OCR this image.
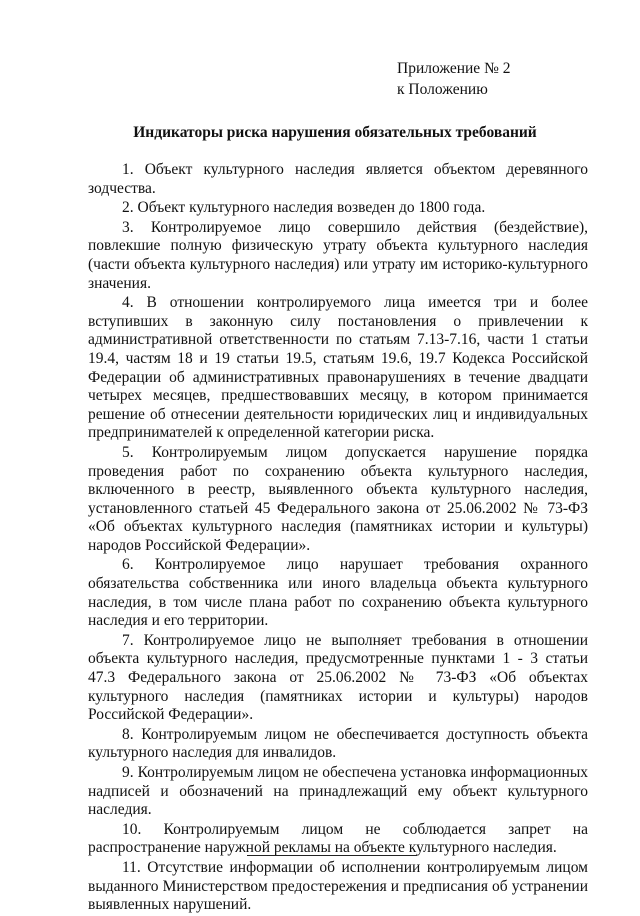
Приложение № 2
к Положению
Индикаторы риска нарушения обязательных требований

1. Объект культурного наследия является объектом деревянного зодчества.

2. Объект культурного наследия возведен до 1800 года.

3. Контролируемое лицо совершило действия (бездействие), повлекшие полную физическую утрату объекта культурного наследия (части объекта культурного наследия) или утрату им историко-культурного значения.

4. В отношении контролируемого лица имеется три и более вступивших в законную силу постановления о привлечении к административной ответственности по статьям 7.13-7.16, части 1 статьи 19.4, частям 18 и 19 статьи 19.5, статьям 19.6, 19.7 Кодекса Российской Федерации об административных правонарушениях в течение двадцати четырех месяцев, предшествовавших месяцу, в котором принимается решение об отнесении деятельности юридических лиц и индивидуальных предпринимателей к определенной категории риска.

5. Контролируемым лицом допускается нарушение порядка проведения работ по сохранению объекта культурного наследия, включенного в реестр, выявленного объекта культурного наследия, установленного статьей 45 Федерального закона от 25.06.2002 № 73-ФЗ «Об объектах культурного наследия (памятниках истории и культуры) народов Российской Федерации».

6. Контролируемое лицо нарушает требования охранного обязательства собственника или иного владельца объекта культурного наследия, в том числе плана работ по сохранению объекта культурного наследия и его территории.

7. Контролируемое лицо не выполняет требования в отношении объекта культурного наследия, предусмотренные пунктами 1 - 3 статьи 47.3 Федерального закона от 25.06.2002 № 73-ФЗ «Об объектах культурного наследия (памятниках истории и культуры) народов Российской Федерации».

8. Контролируемым лицом не обеспечивается доступность объекта культурного наследия для инвалидов.

9. Контролируемым лицом не обеспечена установка информационных надписей и обозначений на принадлежащий ему объект культурного наследия.

10. Контролируемым лицом не соблюдается запрет на распространение наружной рекламы на объекте культурного наследия.

11. Отсутствие информации об исполнении контролируемым лицом выданного Министерством предостережения и предписания об устранении выявленных нарушений.
